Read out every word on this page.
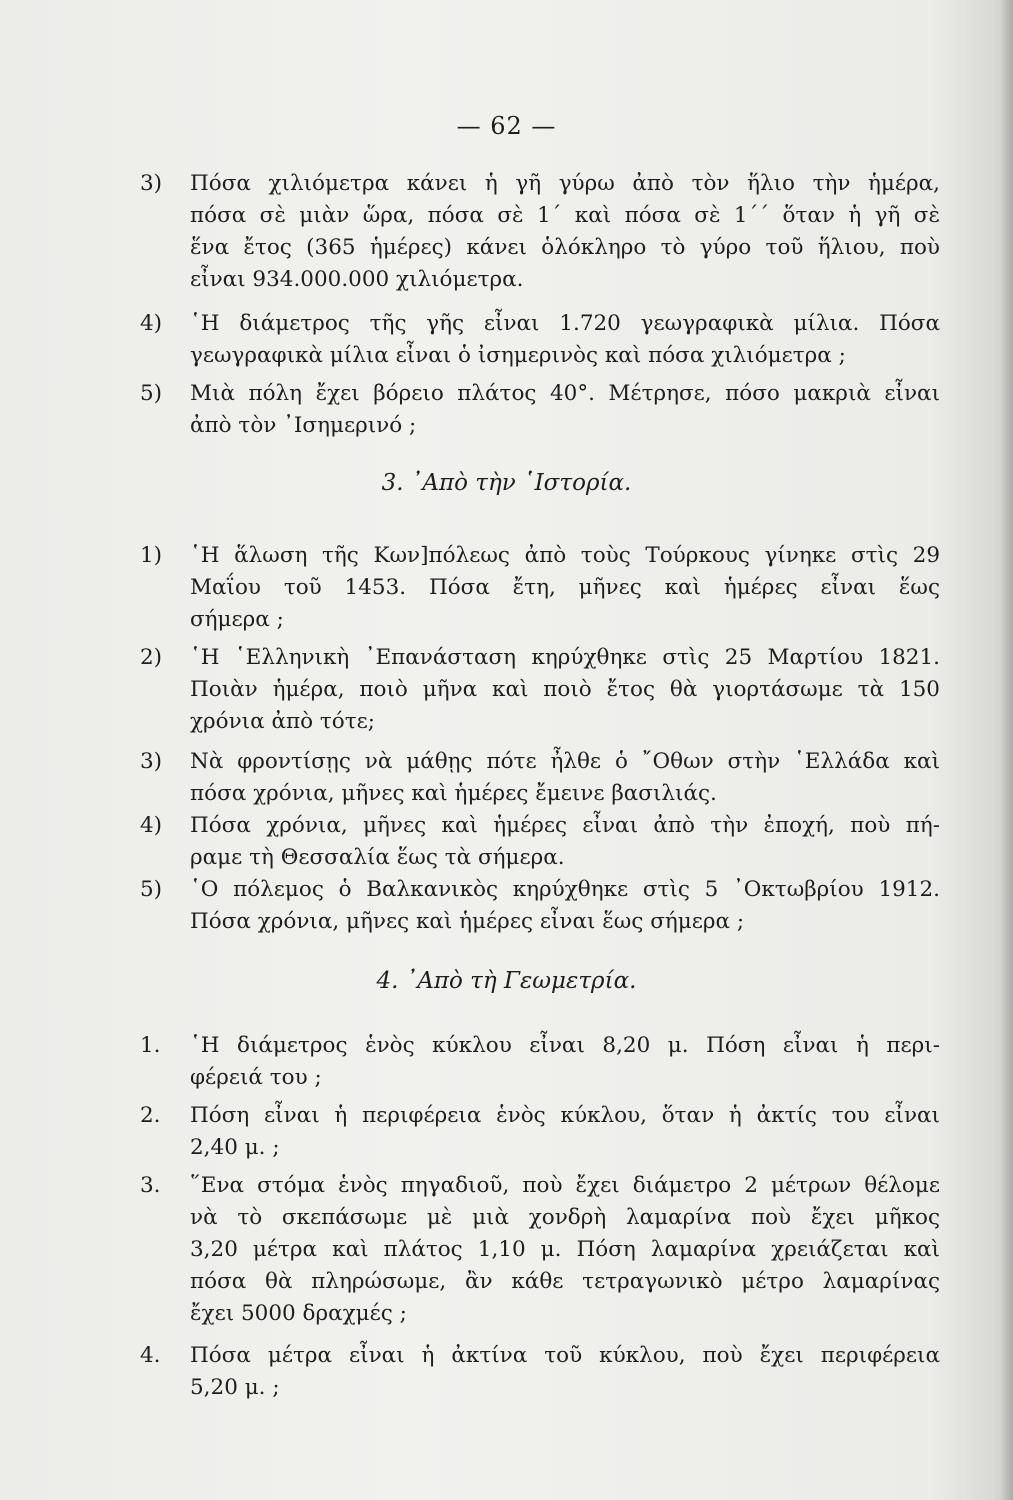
— 62 —
3) Πόσα χιλιόμετρα κάνει ἡ γῆ γύρω ἀπὸ τὸν ἥλιο τὴν ἡμέρα,
πόσα σὲ μιὰν ὥρα, πόσα σὲ 1΄ καὶ πόσα σὲ 1΄΄ ὅταν ἡ γῆ σὲ
ἕνα ἔτος (365 ἡμέρες) κάνει ὁλόκληρο τὸ γύρο τοῦ ἥλιου, ποὺ
εἶναι 934.000.000 χιλιόμετρα.
4) ῾Η διάμετρος τῆς γῆς εἶναι 1.720 γεωγραφικὰ μίλια. Πόσα
γεωγραφικὰ μίλια εἶναι ὁ ἰσημερινὸς καὶ πόσα χιλιόμετρα ;
5) Μιὰ πόλη ἔχει βόρειο πλάτος 40°. Μέτρησε, πόσο μακριὰ εἶναι
ἀπὸ τὸν ᾿Ισημερινό ;
3. ᾿Απὸ τὴν ῾Ιστορία.
1) ῾Η ἅλωση τῆς Κων]πόλεως ἀπὸ τοὺς Τούρκους γίνηκε στὶς 29
Μαΐου τοῦ 1453. Πόσα ἔτη, μῆνες καὶ ἡμέρες εἶναι ἕως
σήμερα ;
2) ῾Η ῾Ελληνικὴ ᾿Επανάσταση κηρύχθηκε στὶς 25 Μαρτίου 1821.
Ποιὰν ἡμέρα, ποιὸ μῆνα καὶ ποιὸ ἔτος θὰ γιορτάσωμε τὰ 150
χρόνια ἀπὸ τότε;
3) Νὰ φροντίσῃς νὰ μάθῃς πότε ἦλθε ὁ ῎Οθων στὴν ῾Ελλάδα καὶ
πόσα χρόνια, μῆνες καὶ ἡμέρες ἔμεινε βασιλιάς.
4) Πόσα χρόνια, μῆνες καὶ ἡμέρες εἶναι ἀπὸ τὴν ἐποχή, ποὺ πή-
ραμε τὴ Θεσσαλία ἕως τὰ σήμερα.
5) ῾Ο πόλεμος ὁ Βαλκανικὸς κηρύχθηκε στὶς 5 ᾿Οκτωβρίου 1912.
Πόσα χρόνια, μῆνες καὶ ἡμέρες εἶναι ἕως σήμερα ;
4. ᾿Απὸ τὴ Γεωμετρία.
1. ῾Η διάμετρος ἑνὸς κύκλου εἶναι 8,20 μ. Πόση εἶναι ἡ περι-
φέρειά του ;
2. Πόση εἶναι ἡ περιφέρεια ἑνὸς κύκλου, ὅταν ἡ ἀκτίς του εἶναι
2,40 μ. ;
3. ῞Ενα στόμα ἑνὸς πηγαδιοῦ, ποὺ ἔχει διάμετρο 2 μέτρων θέλομε
νὰ τὸ σκεπάσωμε μὲ μιὰ χονδρὴ λαμαρίνα ποὺ ἔχει μῆκος
3,20 μέτρα καὶ πλάτος 1,10 μ. Πόση λαμαρίνα χρειάζεται καὶ
πόσα θὰ πληρώσωμε, ἂν κάθε τετραγωνικὸ μέτρο λαμαρίνας
ἔχει 5000 δραχμές ;
4. Πόσα μέτρα εἶναι ἡ ἀκτίνα τοῦ κύκλου, ποὺ ἔχει περιφέρεια
5,20 μ. ;
